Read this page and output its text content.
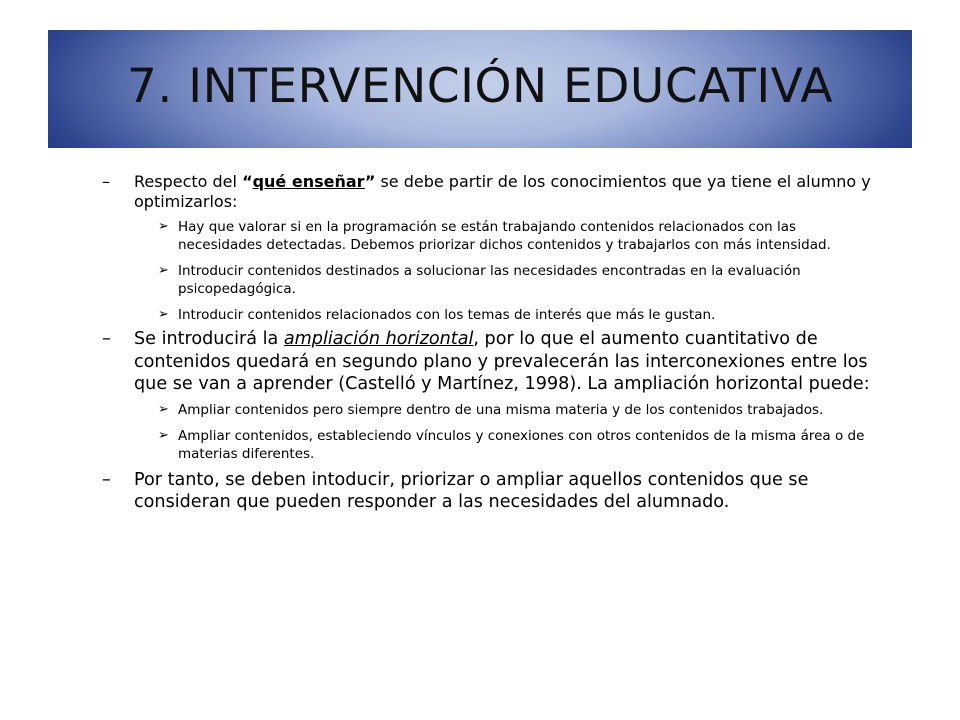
7. INTERVENCIÓN EDUCATIVA
– Respecto del “qué enseñar” se debe partir de los conocimientos que ya tiene el alumno y optimizarlos:
➢ Hay que valorar si en la programación se están trabajando contenidos relacionados con las necesidades detectadas. Debemos priorizar dichos contenidos y trabajarlos con más intensidad.
➢ Introducir contenidos destinados a solucionar las necesidades encontradas en la evaluación psicopedagógica.
➢ Introducir contenidos relacionados con los temas de interés que más le gustan.
– Se introducirá la ampliación horizontal, por lo que el aumento cuantitativo de contenidos quedará en segundo plano y prevalecerán las interconexiones entre los que se van a aprender (Castelló y Martínez, 1998). La ampliación horizontal puede:
➢ Ampliar contenidos pero siempre dentro de una misma materia y de los contenidos trabajados.
➢ Ampliar contenidos, estableciendo vínculos y conexiones con otros contenidos de la misma área o de materias diferentes.
– Por tanto, se deben intoducir, priorizar o ampliar aquellos contenidos que se consideran que pueden responder a las necesidades del alumnado.
